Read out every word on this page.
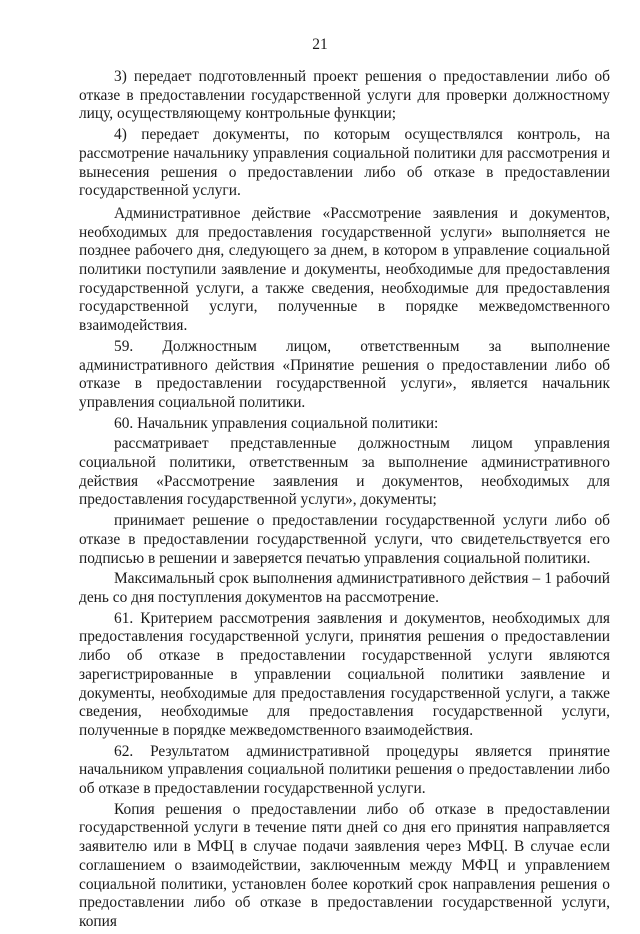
21

3) передает подготовленный проект решения о предоставлении либо об отказе в предоставлении государственной услуги для проверки должностному лицу, осуществляющему контрольные функции;

4) передает документы, по которым осуществлялся контроль, на рассмотрение начальнику управления социальной политики для рассмотрения и вынесения решения о предоставлении либо об отказе в предоставлении государственной услуги.

Административное действие «Рассмотрение заявления и документов, необходимых для предоставления государственной услуги» выполняется не позднее рабочего дня, следующего за днем, в котором в управление социальной политики поступили заявление и документы, необходимые для предоставления государственной услуги, а также сведения, необходимые для предоставления государственной услуги, полученные в порядке межведомственного взаимодействия.

59. Должностным лицом, ответственным за выполнение административного действия «Принятие решения о предоставлении либо об отказе в предоставлении государственной услуги», является начальник управления социальной политики.

60. Начальник управления социальной политики:

рассматривает представленные должностным лицом управления социальной политики, ответственным за выполнение административного действия «Рассмотрение заявления и документов, необходимых для предоставления государственной услуги», документы;

принимает решение о предоставлении государственной услуги либо об отказе в предоставлении государственной услуги, что свидетельствуется его подписью в решении и заверяется печатью управления социальной политики.

Максимальный срок выполнения административного действия – 1 рабочий день со дня поступления документов на рассмотрение.

61. Критерием рассмотрения заявления и документов, необходимых для предоставления государственной услуги, принятия решения о предоставлении либо об отказе в предоставлении государственной услуги являются зарегистрированные в управлении социальной политики заявление и документы, необходимые для предоставления государственной услуги, а также сведения, необходимые для предоставления государственной услуги, полученные в порядке межведомственного взаимодействия.

62. Результатом административной процедуры является принятие начальником управления социальной политики решения о предоставлении либо об отказе в предоставлении государственной услуги.

Копия решения о предоставлении либо об отказе в предоставлении государственной услуги в течение пяти дней со дня его принятия направляется заявителю или в МФЦ в случае подачи заявления через МФЦ. В случае если соглашением о взаимодействии, заключенным между МФЦ и управлением социальной политики, установлен более короткий срок направления решения о предоставлении либо об отказе в предоставлении государственной услуги, копия
